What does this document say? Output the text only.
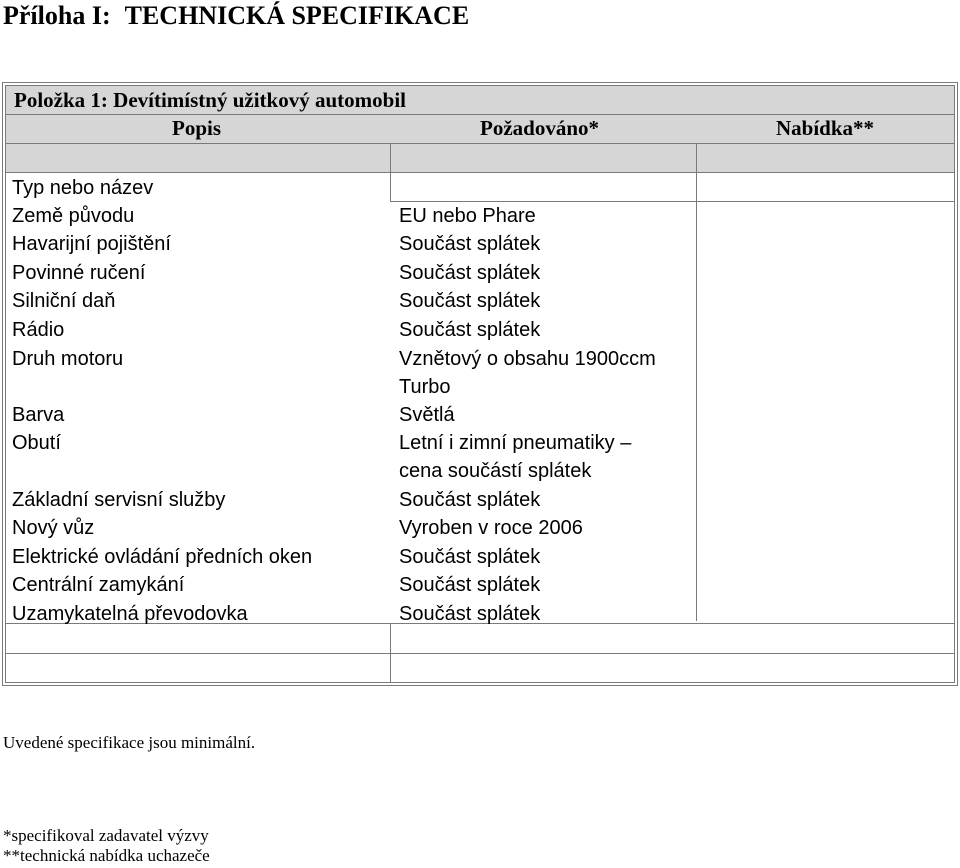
Příloha I: TECHNICKÁ SPECIFIKACE
Položka 1: Devítimístný užitkový automobil
Popis	Požadováno*	Nabídka**
Typ nebo název
Země původu
Havarijní pojištění
Povinné ručení
Silniční daň
Rádio
Druh motoru
Barva
Obutí
Základní servisní služby
Nový vůz
Elektrické ovládání předních oken
Centrální zamykání
Uzamykatelná převodovka
EU nebo Phare
Součást splátek
Součást splátek
Součást splátek
Součást splátek
Vznětový o obsahu 1900ccm
Turbo
Světlá
Letní i zimní pneumatiky –
cena součástí splátek
Součást splátek
Vyroben v roce 2006
Součást splátek
Součást splátek
Součást splátek
Uvedené specifikace jsou minimální.
*specifikoval zadavatel výzvy
**technická nabídka uchazeče
